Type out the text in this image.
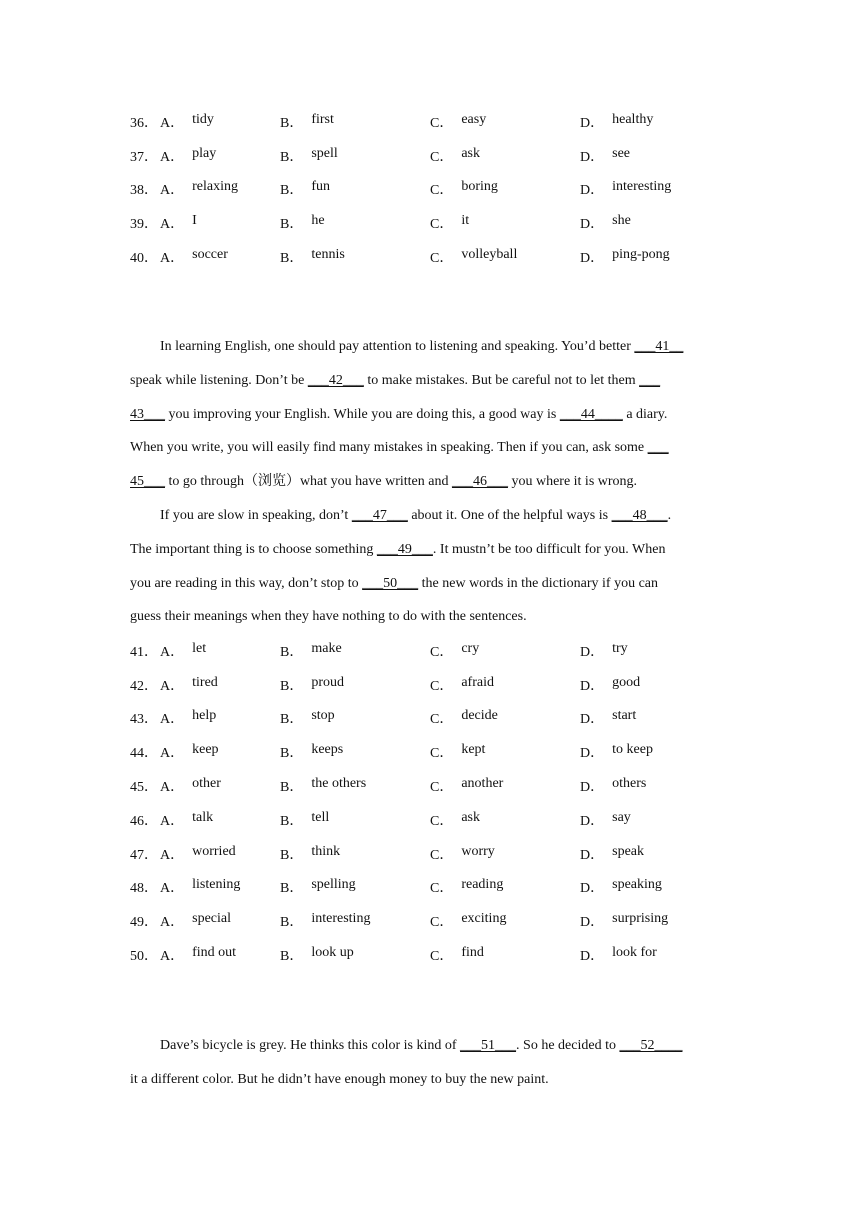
36． A． tidy	B． first	C． easy	D． healthy
37． A． play	B． spell	C． ask	D． see
38． A． relaxing	B． fun	C． boring	D． interesting
39． A． I	B． he	C． it	D． she
40． A． soccer	B． tennis	C． volleyball	D． ping-pong
In learning English, one should pay attention to listening and speaking. You’d better ___41__
speak while listening. Don’t be ___42___ to make mistakes. But be careful not to let them ___
43___ you improving your English. While you are doing this, a good way is ___44____ a diary.
When you write, you will easily find many mistakes in speaking. Then if you can, ask some ___
45___ to go through（浏览）what you have written and ___46___ you where it is wrong.
If you are slow in speaking, don’t ___47___ about it. One of the helpful ways is ___48___.
The important thing is to choose something ___49___. It mustn’t be too difficult for you. When
you are reading in this way, don’t stop to ___50___ the new words in the dictionary if you can
guess their meanings when they have nothing to do with the sentences.
41． A． let	B． make	C． cry	D． try
42． A． tired	B． proud	C． afraid	D． good
43． A． help	B． stop	C． decide	D． start
44． A． keep	B． keeps	C． kept	D． to keep
45． A． other	B． the others	C． another	D． others
46． A． talk	B． tell	C． ask	D． say
47． A． worried	B． think	C． worry	D． speak
48． A． listening	B． spelling	C． reading	D． speaking
49． A． special	B． interesting	C． exciting	D． surprising
50． A． find out	B． look up	C． find	D． look for
Dave’s bicycle is grey. He thinks this color is kind of ___51___. So he decided to ___52____
it a different color. But he didn’t have enough money to buy the new paint.
